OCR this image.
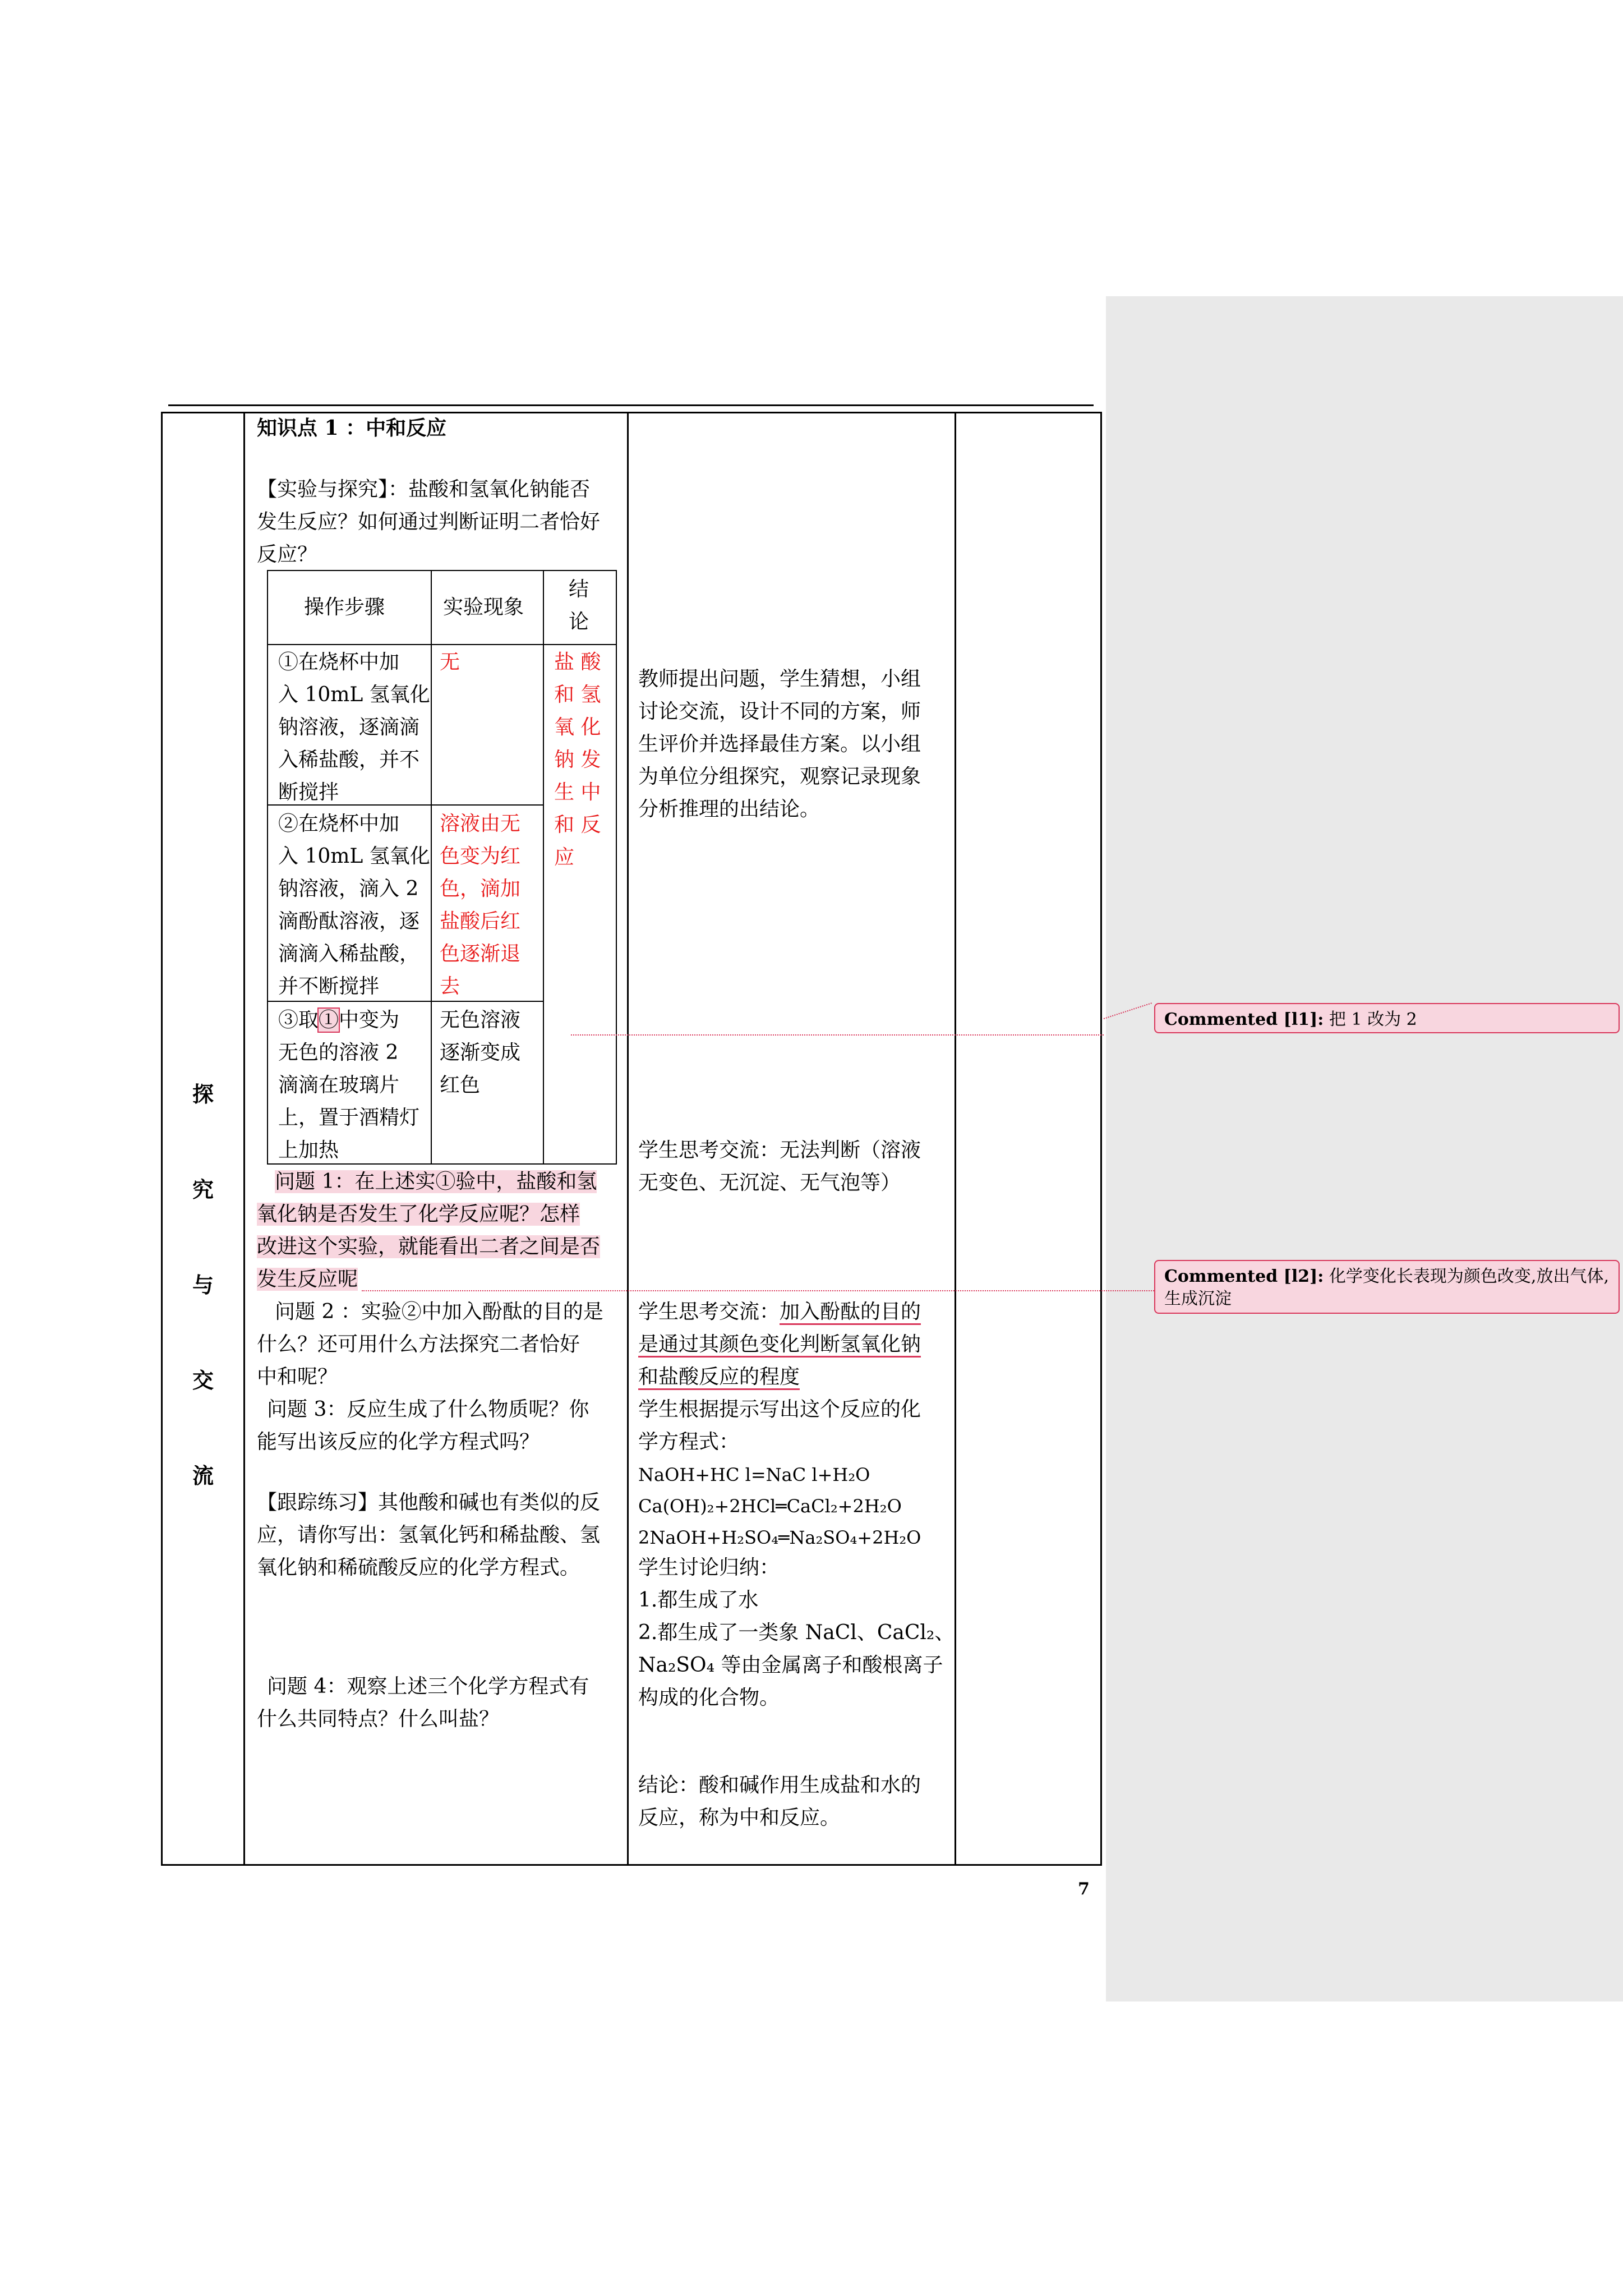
探
究
与
交
流
知识点 1 ：中和反应
【实验与探究】：盐酸和氢氧化钠能否
发生反应？如何通过判断证明二者恰好
反应？
操作步骤	实验现象
结
论
①在烧杯中加
入 10mL 氢氧化
钠溶液，逐滴滴
入稀盐酸，并不
断搅拌
无	盐 酸
和 氢
氧 化
钠 发
生 中
和 反
应
②在烧杯中加
入 10mL 氢氧化
钠溶液，滴入 2
滴酚酞溶液，逐
滴滴入稀盐酸，
并不断搅拌
溶液由无
色变为红
色，滴加
盐酸后红
色逐渐退
去
③取①中变为
无色的溶液 2
滴滴在玻璃片
上，置于酒精灯
上加热
无色溶液
逐渐变成
红色
问题 1：在上述实①验中，盐酸和氢
氧化钠是否发生了化学反应呢？怎样
改进这个实验，就能看出二者之间是否
发生反应呢
问题 2 ：实验②中加入酚酞的目的是
什么？还可用什么方法探究二者恰好
中和呢？
问题 3：反应生成了什么物质呢？你
能写出该反应的化学方程式吗？
【跟踪练习】其他酸和碱也有类似的反
应，请你写出：氢氧化钙和稀盐酸、氢
氧化钠和稀硫酸反应的化学方程式。
问题 4：观察上述三个化学方程式有
什么共同特点？什么叫盐？
教师提出问题，学生猜想，小组
讨论交流，设计不同的方案，师
生评价并选择最佳方案。以小组
为单位分组探究，观察记录现象
分析推理的出结论。
学生思考交流：无法判断（溶液
无变色、无沉淀、无气泡等）
学生思考交流：加入酚酞的目的
是通过其颜色变化判断氢氧化钠
和盐酸反应的程度
学生根据提示写出这个反应的化
学方程式：
NaOH+HC l=NaC l+H₂O
Ca(OH)₂+2HCl═CaCl₂+2H₂O
2NaOH+H₂SO₄═Na₂SO₄+2H₂O
学生讨论归纳：
1.都生成了水
2.都生成了一类象 NaCl、CaCl₂、
Na₂SO₄ 等由金属离子和酸根离子
构成的化合物。
结论：酸和碱作用生成盐和水的
反应，称为中和反应。
Commented [l1]: 把 1 改为 2
Commented [l2]: 化学变化长表现为颜色改变,放出气体,
生成沉淀
7
